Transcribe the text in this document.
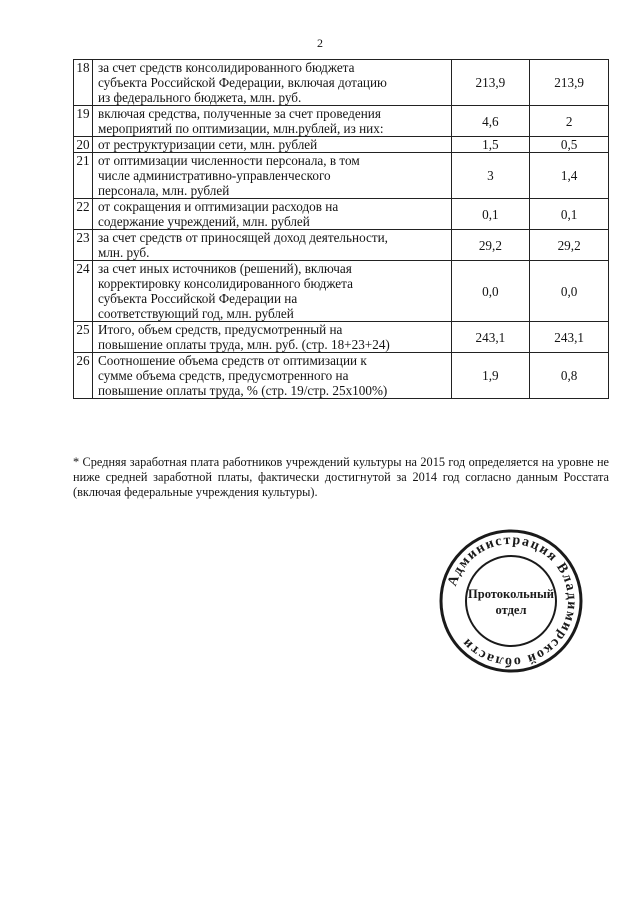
2
18	за счет средств консолидированного бюджета
субъекта Российской Федерации, включая дотацию
из федерального бюджета, млн. руб.	213,9	213,9
19	включая средства, полученные за счет проведения
мероприятий по оптимизации, млн.рублей, из них:	4,6	2
20	от реструктуризации сети, млн. рублей	1,5	0,5
21	от оптимизации численности персонала, в том
числе административно-управленческого
персонала, млн. рублей	3	1,4
22	от сокращения и оптимизации расходов на
содержание учреждений, млн. рублей	0,1	0,1
23	за счет средств от приносящей доход деятельности,
млн. руб.	29,2	29,2
24	за счет иных источников (решений), включая
корректировку консолидированного бюджета
субъекта Российской Федерации на
соответствующий год, млн. рублей	0,0	0,0
25	Итого, объем средств, предусмотренный на
повышение оплаты труда, млн. руб. (стр. 18+23+24)	243,1	243,1
26	Соотношение объема средств от оптимизации к
сумме объема средств, предусмотренного на
повышение оплаты труда, % (стр. 19/стр. 25х100%)	1,9	0,8
* Средняя заработная плата работников учреждений культуры на 2015 год определяется на уровне не ниже средней заработной платы, фактически достигнутой за 2014 год согласно данным Росстата (включая федеральные учреждения культуры).
Администрация Владимирской области
Протокольный
отдел
